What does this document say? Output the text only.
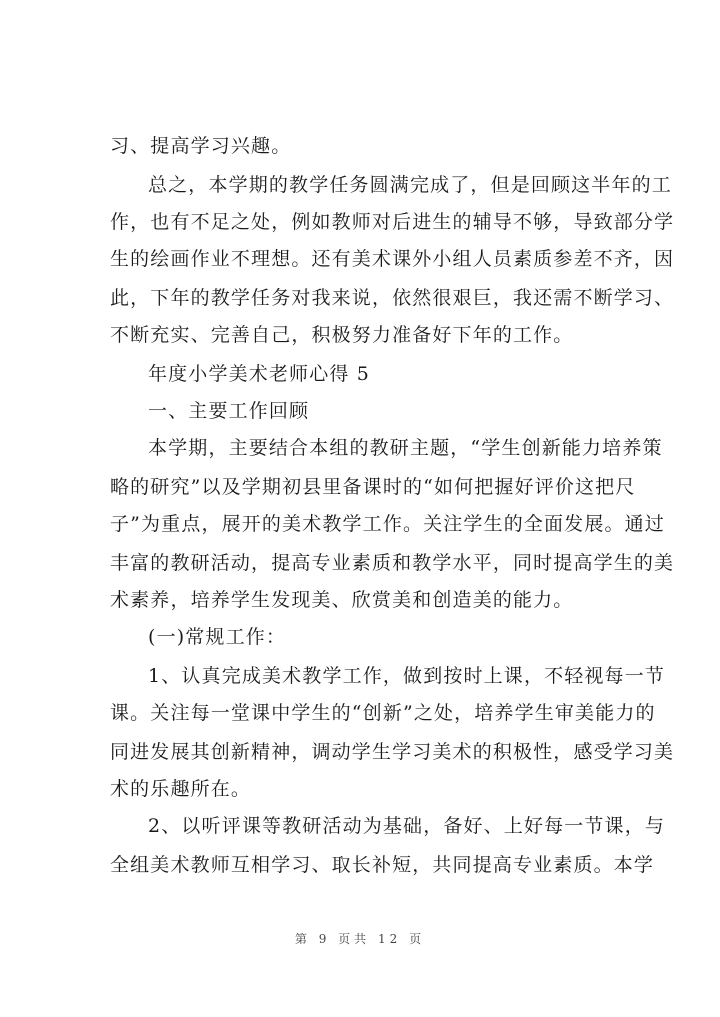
习、提高学习兴趣。
总之，本学期的教学任务圆满完成了，但是回顾这半年的工
作，也有不足之处，例如教师对后进生的辅导不够，导致部分学
生的绘画作业不理想。还有美术课外小组人员素质参差不齐，因
此，下年的教学任务对我来说，依然很艰巨，我还需不断学习、
不断充实、完善自己，积极努力准备好下年的工作。
年度小学美术老师心得 5
一、主要工作回顾
本学期，主要结合本组的教研主题，“学生创新能力培养策
略的研究”以及学期初县里备课时的“如何把握好评价这把尺
子”为重点，展开的美术教学工作。关注学生的全面发展。通过
丰富的教研活动，提高专业素质和教学水平，同时提高学生的美
术素养，培养学生发现美、欣赏美和创造美的能力。
(一)常规工作：
1、认真完成美术教学工作，做到按时上课，不轻视每一节
课。关注每一堂课中学生的“创新”之处，培养学生审美能力的
同进发展其创新精神，调动学生学习美术的积极性，感受学习美
术的乐趣所在。
2、以听评课等教研活动为基础，备好、上好每一节课，与
全组美术教师互相学习、取长补短，共同提高专业素质。本学
第 9 页共 12 页
